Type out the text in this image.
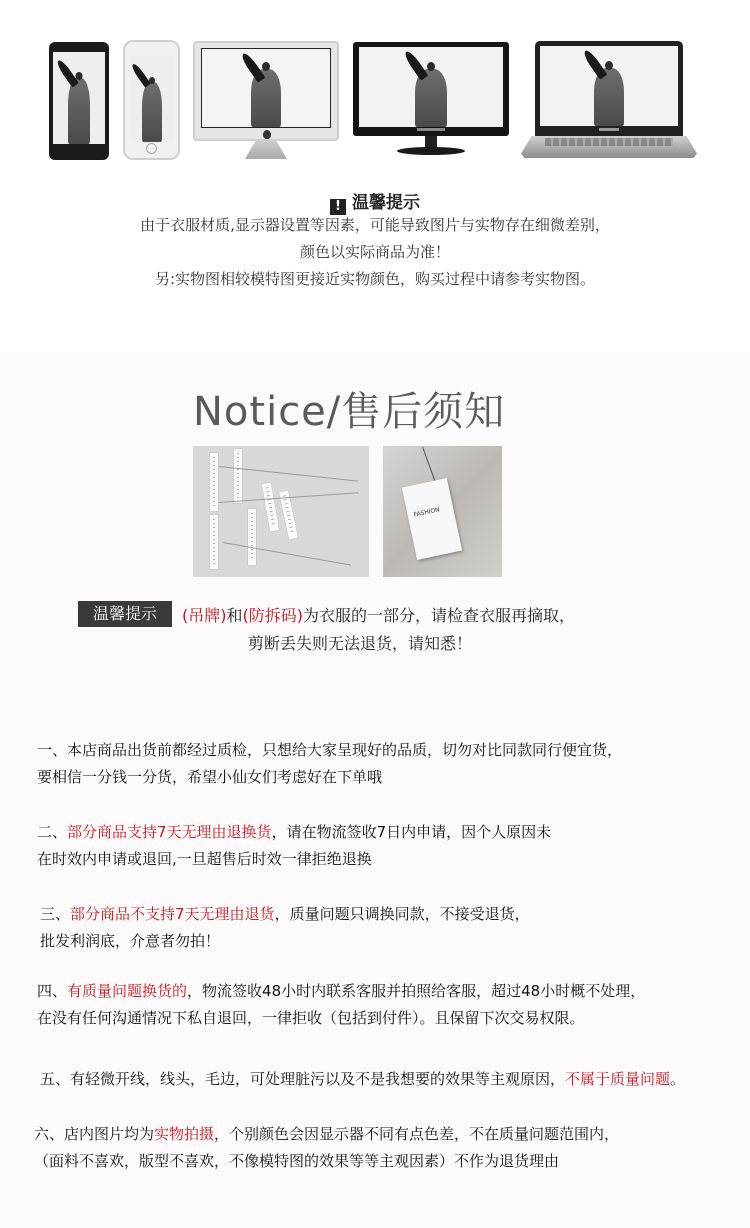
! 温馨提示
由于衣服材质,显示器设置等因素，可能导致图片与实物存在细微差别，
颜色以实际商品为准！
另:实物图相较模特图更接近实物颜色，购买过程中请参考实物图。
Notice/售后须知
FASHION
温馨提示	(吊牌)和(防拆码)为衣服的一部分，请检查衣服再摘取，
剪断丢失则无法退货，请知悉！
一、本店商品出货前都经过质检，只想给大家呈现好的品质，切勿对比同款同行便宜货，
要相信一分钱一分货，希望小仙女们考虑好在下单哦
二、部分商品支持7天无理由退换货，请在物流签收7日内申请，因个人原因未
在时效内申请或退回,一旦超售后时效一律拒绝退换
三、部分商品不支持7天无理由退货，质量问题只调换同款，不接受退货，
批发利润底，介意者勿拍！
四、有质量问题换货的，物流签收48小时内联系客服并拍照给客服，超过48小时概不处理，
在没有任何沟通情况下私自退回，一律拒收（包括到付件）。且保留下次交易权限。
五、有轻微开线，线头，毛边，可处理脏污以及不是我想要的效果等主观原因，不属于质量问题。
六、店内图片均为实物拍摄，个别颜色会因显示器不同有点色差，不在质量问题范围内，
（面料不喜欢，版型不喜欢，不像模特图的效果等等主观因素）不作为退货理由
